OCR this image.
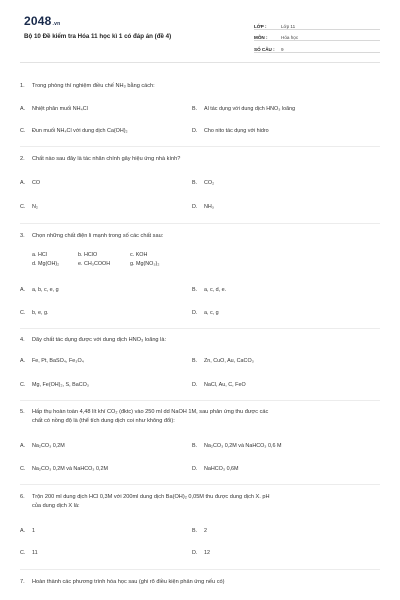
2048.vn
Bộ 10 Đề kiểm tra Hóa 11 học kì 1 có đáp án (đề 4)
LỚP :	Lớp 11
MÔN :	Hóa học
SỐ CÂU :	9
1.	Trong phòng thí nghiệm điều chế NH₃ bằng cách:
A. Nhiệt phân muối NH₄Cl	B. Al tác dụng với dung dịch HNO₃ loãng
C. Đun muối NH₄Cl với dung dịch Ca(OH)₂	D. Cho nito tác dụng với hidro
2.	Chất nào sau đây là tác nhân chính gây hiệu ứng nhà kính?
A. CO	B. CO₂
C. N₂	D. NH₃
3.	Chọn những chất điện li mạnh trong số các chất sau:
a. HCl	b. HClO	c. KOH
d. Mg(OH)₂	e. CH₃COOH	g. Mg(NO₃)₂
A. a, b, c, e, g	B. a, c, d, e.
C. b, e, g.	D. a, c, g
4.	Dãy chất tác dụng được với dung dịch HNO₃ loãng là:
A. Fe, Pt, BaSO₄, Fe₃O₄	B. Zn, CuO, Au, CaCO₃
C. Mg, Fe(OH)₂, S, BaCO₃	D. NaCl, Au, C, FeO
5.	Hấp thụ hoàn toàn 4,48 lít khí CO₂ (đktc) vào 250 ml dd NaOH 1M, sau phản ứng thu được các
chất có nồng độ là (thể tích dung dịch coi như không đổi):
A. Na₂CO₃ 0,2M	B. Na₂CO₃ 0,2M và NaHCO₃ 0,6 M
C. Na₂CO₃ 0,2M và NaHCO₃ 0,2M	D. NaHCO₃ 0,6M
6.	Trộn 200 ml dung dịch HCl 0,3M với 200ml dung dịch Ba(OH)₂ 0,05M thu được dung dịch X. pH
của dung dịch X là:
A. 1	B. 2
C. 11	D. 12
7.	Hoàn thành các phương trình hóa học sau (ghi rõ điều kiện phản ứng nếu có)
